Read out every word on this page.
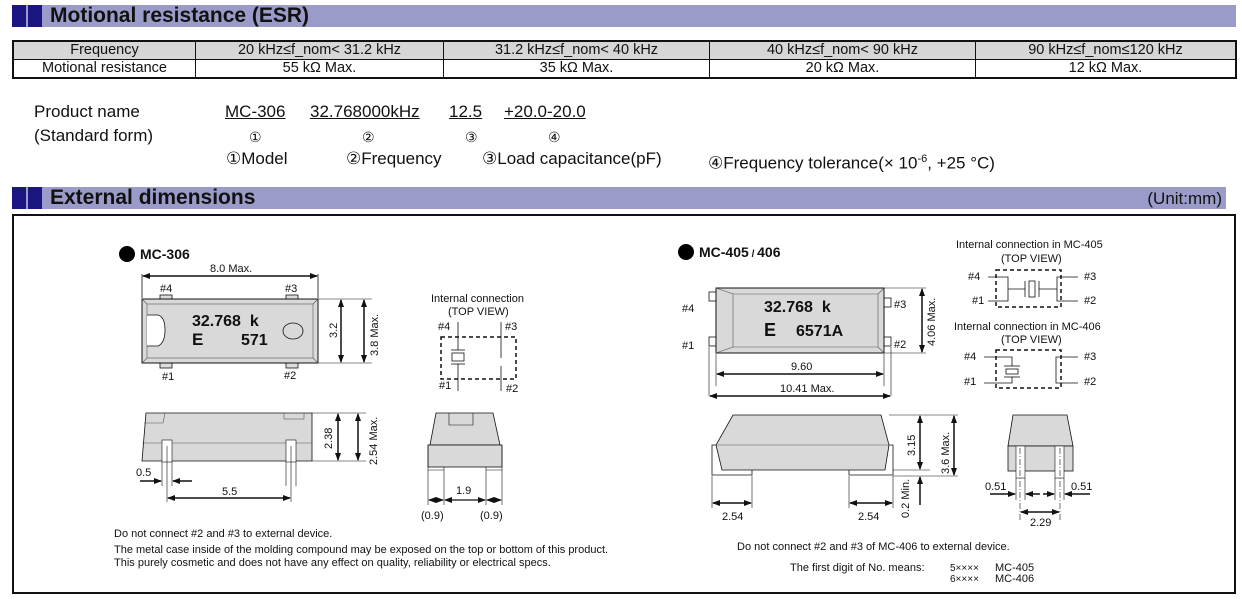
Motional resistance (ESR)
Frequency	20 kHz≤f_nom< 31.2 kHz	31.2 kHz≤f_nom< 40 kHz	40 kHz≤f_nom< 90 kHz	90 kHz≤f_nom≤120 kHz
Motional resistance	55 kΩ Max.	35 kΩ Max.	20 kΩ Max.	12 kΩ Max.
Product name
(Standard form)
MC-306 32.768000kHz 12.5 +20.0-20.0
①	②	③	④
①Model	②Frequency ③Load capacitance(pF)	④Frequency tolerance(× $10^{-6}$, +25 °C)
External dimensions	(Unit:mm)
MC-306
8.0 Max.
#4	#3
#1	#2
32.768  k
E 571
3.2	3.8 Max.
2.38	2.54 Max.
0.5
5.5	1.9
(0.9)	(0.9)
Internal connection
(TOP VIEW)
#4	#3
#1	#2
Do not connect #2 and #3 to external device.
The metal case inside of the molding compound may be exposed on the top or bottom of this product.
This purely cosmetic and does not have any effect on quality, reliability or electrical specs.
MC-405 / 406
#4
#1
#3
#2
32.768  k
E 6571A
9.60
10.41 Max.
4.06 Max.
3.15 3.6 Max.
0.2 Min.
2.54	2.54
0.51	0.51
2.29
Internal connection in MC-405
(TOP VIEW)
#4
#1
#3
#2
Internal connection in MC-406
(TOP VIEW)
#4
#1
#3
#2
Do not connect #2 and #3 of MC-406 to external device.
The first digit of No. means:	5×××× MC-405
6×××× MC-406
